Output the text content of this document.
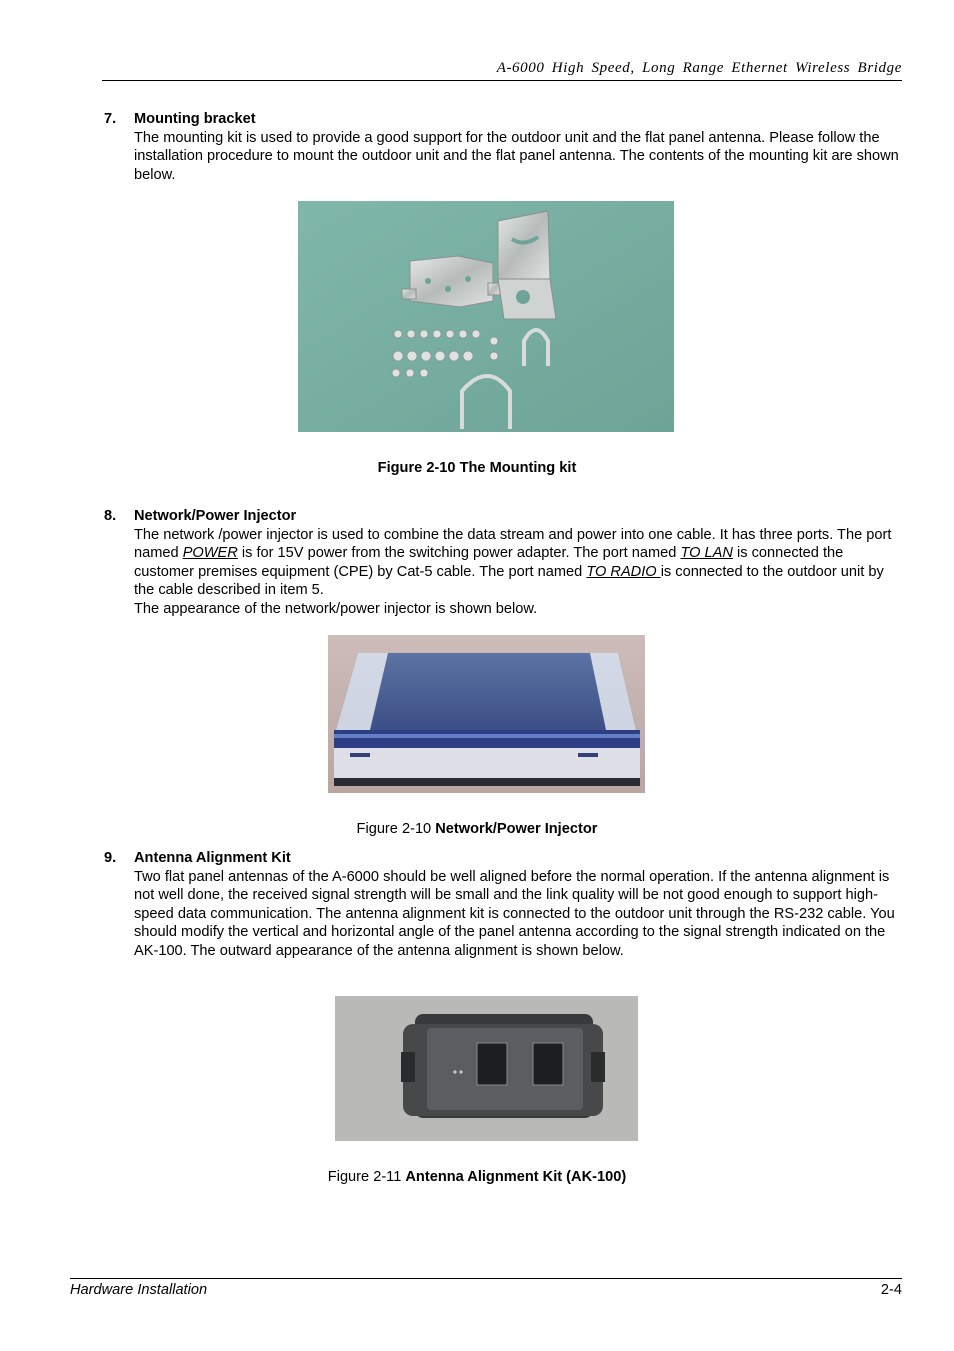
A-6000 High Speed, Long Range Ethernet Wireless Bridge
7. Mounting bracket
The mounting kit is used to provide a good support for the outdoor unit and the flat panel antenna. Please follow the installation procedure to mount the outdoor unit and the flat panel antenna. The contents of the mounting kit are shown below.
Figure 2-10 The Mounting kit
8. Network/Power Injector
The network /power injector is used to combine the data stream and power into one cable. It has three ports. The port named POWER is for 15V power from the switching power adapter. The port named TO LAN is connected the customer premises equipment (CPE) by Cat-5 cable. The port named TO RADIO is connected to the outdoor unit by the cable described in item 5.
The appearance of the network/power injector is shown below.
Figure 2-10 Network/Power Injector
9. Antenna Alignment Kit
Two flat panel antennas of the A-6000 should be well aligned before the normal operation. If the antenna alignment is not well done, the received signal strength will be small and the link quality will be not good enough to support high-speed data communication. The antenna alignment kit is connected to the outdoor unit through the RS-232 cable. You should modify the vertical and horizontal angle of the panel antenna according to the signal strength indicated on the AK-100. The outward appearance of the antenna alignment is shown below.
Figure 2-11 Antenna Alignment Kit (AK-100)
Hardware Installation	2-4
